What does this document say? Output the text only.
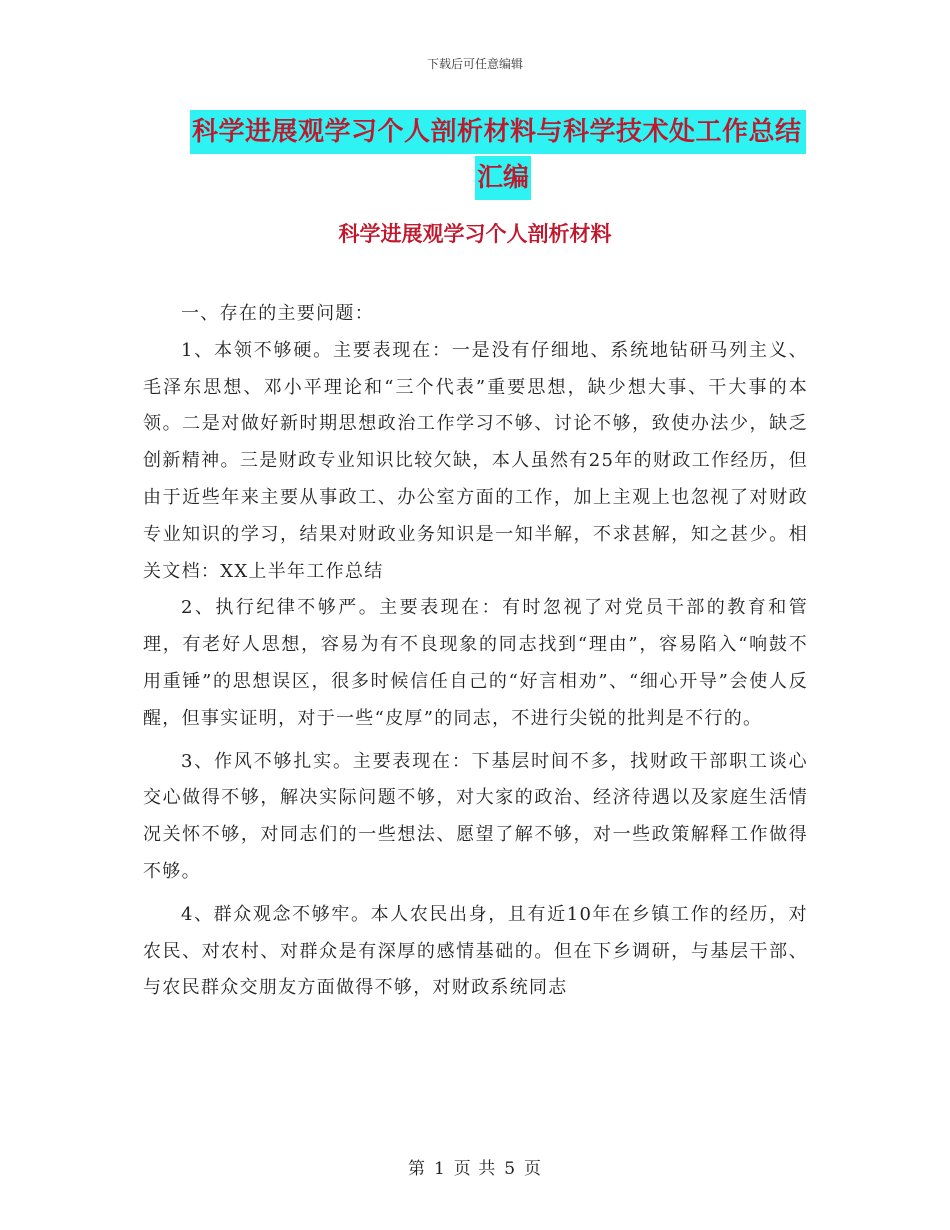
下载后可任意编辑
科学进展观学习个人剖析材料与科学技术处工作总结
汇编
科学进展观学习个人剖析材料

一、存在的主要问题：

1、本领不够硬。主要表现在：一是没有仔细地、系统地钻研马列主义、毛泽东思想、邓小平理论和“三个代表”重要思想，缺少想大事、干大事的本领。二是对做好新时期思想政治工作学习不够、讨论不够，致使办法少，缺乏创新精神。三是财政专业知识比较欠缺，本人虽然有25年的财政工作经历，但由于近些年来主要从事政工、办公室方面的工作，加上主观上也忽视了对财政专业知识的学习，结果对财政业务知识是一知半解，不求甚解，知之甚少。相关文档：XX上半年工作总结

2、执行纪律不够严。主要表现在：有时忽视了对党员干部的教育和管理，有老好人思想，容易为有不良现象的同志找到“理由”，容易陷入“响鼓不用重锤”的思想误区，很多时候信任自己的“好言相劝”、“细心开导”会使人反醒，但事实证明，对于一些“皮厚”的同志，不进行尖锐的批判是不行的。

3、作风不够扎实。主要表现在：下基层时间不多，找财政干部职工谈心交心做得不够，解决实际问题不够，对大家的政治、经济待遇以及家庭生活情况关怀不够，对同志们的一些想法、愿望了解不够，对一些政策解释工作做得不够。

4、群众观念不够牢。本人农民出身，且有近10年在乡镇工作的经历，对农民、对农村、对群众是有深厚的感情基础的。但在下乡调研，与基层干部、与农民群众交朋友方面做得不够，对财政系统同志

第 1 页 共 5 页
